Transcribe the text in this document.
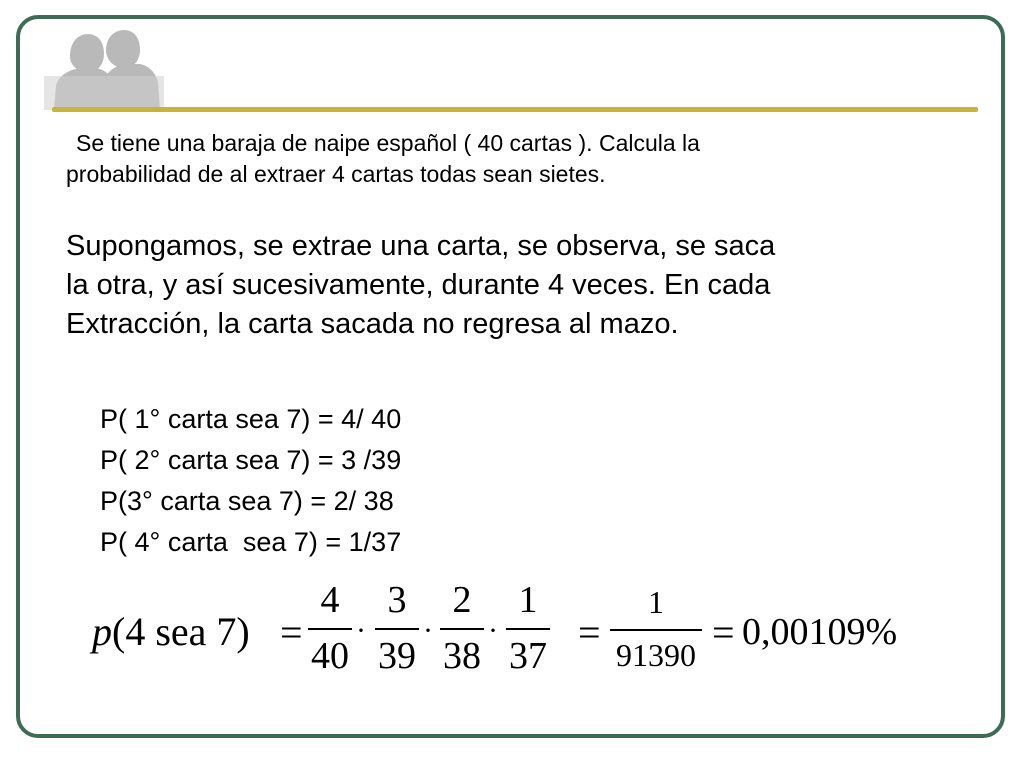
Se tiene una baraja de naipe español ( 40 cartas ). Calcula la
probabilidad de al extraer 4 cartas todas sean sietes.
Supongamos, se extrae una carta, se observa, se saca
la otra, y así sucesivamente, durante 4 veces. En cada
Extracción, la carta sacada no regresa al mazo.
P( 1° carta sea 7) = 4/ 40
P( 2° carta sea 7) = 3 /39
P(3° carta sea 7) = 2/ 38
P( 4° carta  sea 7) = 1/37
p(4 sea 7) =
4
40
·
3
39
·
2
38
·
1
37
=
1
91390 = 0,00109%
